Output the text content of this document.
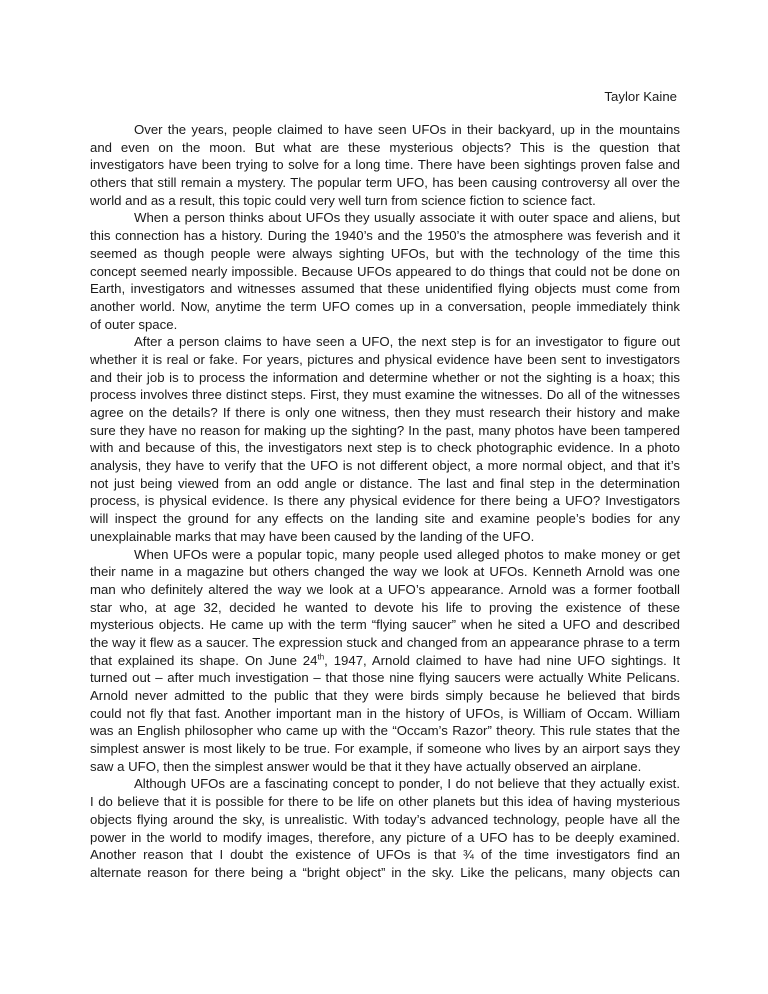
Taylor Kaine
Over the years, people claimed to have seen UFOs in their backyard, up in the mountains
and even on the moon. But what are these mysterious objects? This is the question that
investigators have been trying to solve for a long time. There have been sightings proven false and
others that still remain a mystery. The popular term UFO, has been causing controversy all over the
world and as a result, this topic could very well turn from science fiction to science fact.
When a person thinks about UFOs they usually associate it with outer space and aliens, but
this connection has a history. During the 1940’s and the 1950’s the atmosphere was feverish and it
seemed as though people were always sighting UFOs, but with the technology of the time this
concept seemed nearly impossible. Because UFOs appeared to do things that could not be done on
Earth, investigators and witnesses assumed that these unidentified flying objects must come from
another world. Now, anytime the term UFO comes up in a conversation, people immediately think
of outer space.
After a person claims to have seen a UFO, the next step is for an investigator to figure out
whether it is real or fake. For years, pictures and physical evidence have been sent to investigators
and their job is to process the information and determine whether or not the sighting is a hoax; this
process involves three distinct steps. First, they must examine the witnesses. Do all of the witnesses
agree on the details? If there is only one witness, then they must research their history and make
sure they have no reason for making up the sighting? In the past, many photos have been tampered
with and because of this, the investigators next step is to check photographic evidence. In a photo
analysis, they have to verify that the UFO is not different object, a more normal object, and that it’s
not just being viewed from an odd angle or distance. The last and final step in the determination
process, is physical evidence. Is there any physical evidence for there being a UFO? Investigators
will inspect the ground for any effects on the landing site and examine people’s bodies for any
unexplainable marks that may have been caused by the landing of the UFO.
When UFOs were a popular topic, many people used alleged photos to make money or get
their name in a magazine but others changed the way we look at UFOs. Kenneth Arnold was one
man who definitely altered the way we look at a UFO’s appearance. Arnold was a former football
star who, at age 32, decided he wanted to devote his life to proving the existence of these
mysterious objects. He came up with the term “flying saucer” when he sited a UFO and described
the way it flew as a saucer. The expression stuck and changed from an appearance phrase to a term
that explained its shape. On June 24th, 1947, Arnold claimed to have had nine UFO sightings. It
turned out – after much investigation – that those nine flying saucers were actually White Pelicans.
Arnold never admitted to the public that they were birds simply because he believed that birds
could not fly that fast. Another important man in the history of UFOs, is William of Occam. William
was an English philosopher who came up with the “Occam’s Razor” theory. This rule states that the
simplest answer is most likely to be true. For example, if someone who lives by an airport says they
saw a UFO, then the simplest answer would be that it they have actually observed an airplane.
Although UFOs are a fascinating concept to ponder, I do not believe that they actually exist.
I do believe that it is possible for there to be life on other planets but this idea of having mysterious
objects flying around the sky, is unrealistic. With today’s advanced technology, people have all the
power in the world to modify images, therefore, any picture of a UFO has to be deeply examined.
Another reason that I doubt the existence of UFOs is that ¾ of the time investigators find an
alternate reason for there being a “bright object” in the sky. Like the pelicans, many objects can
